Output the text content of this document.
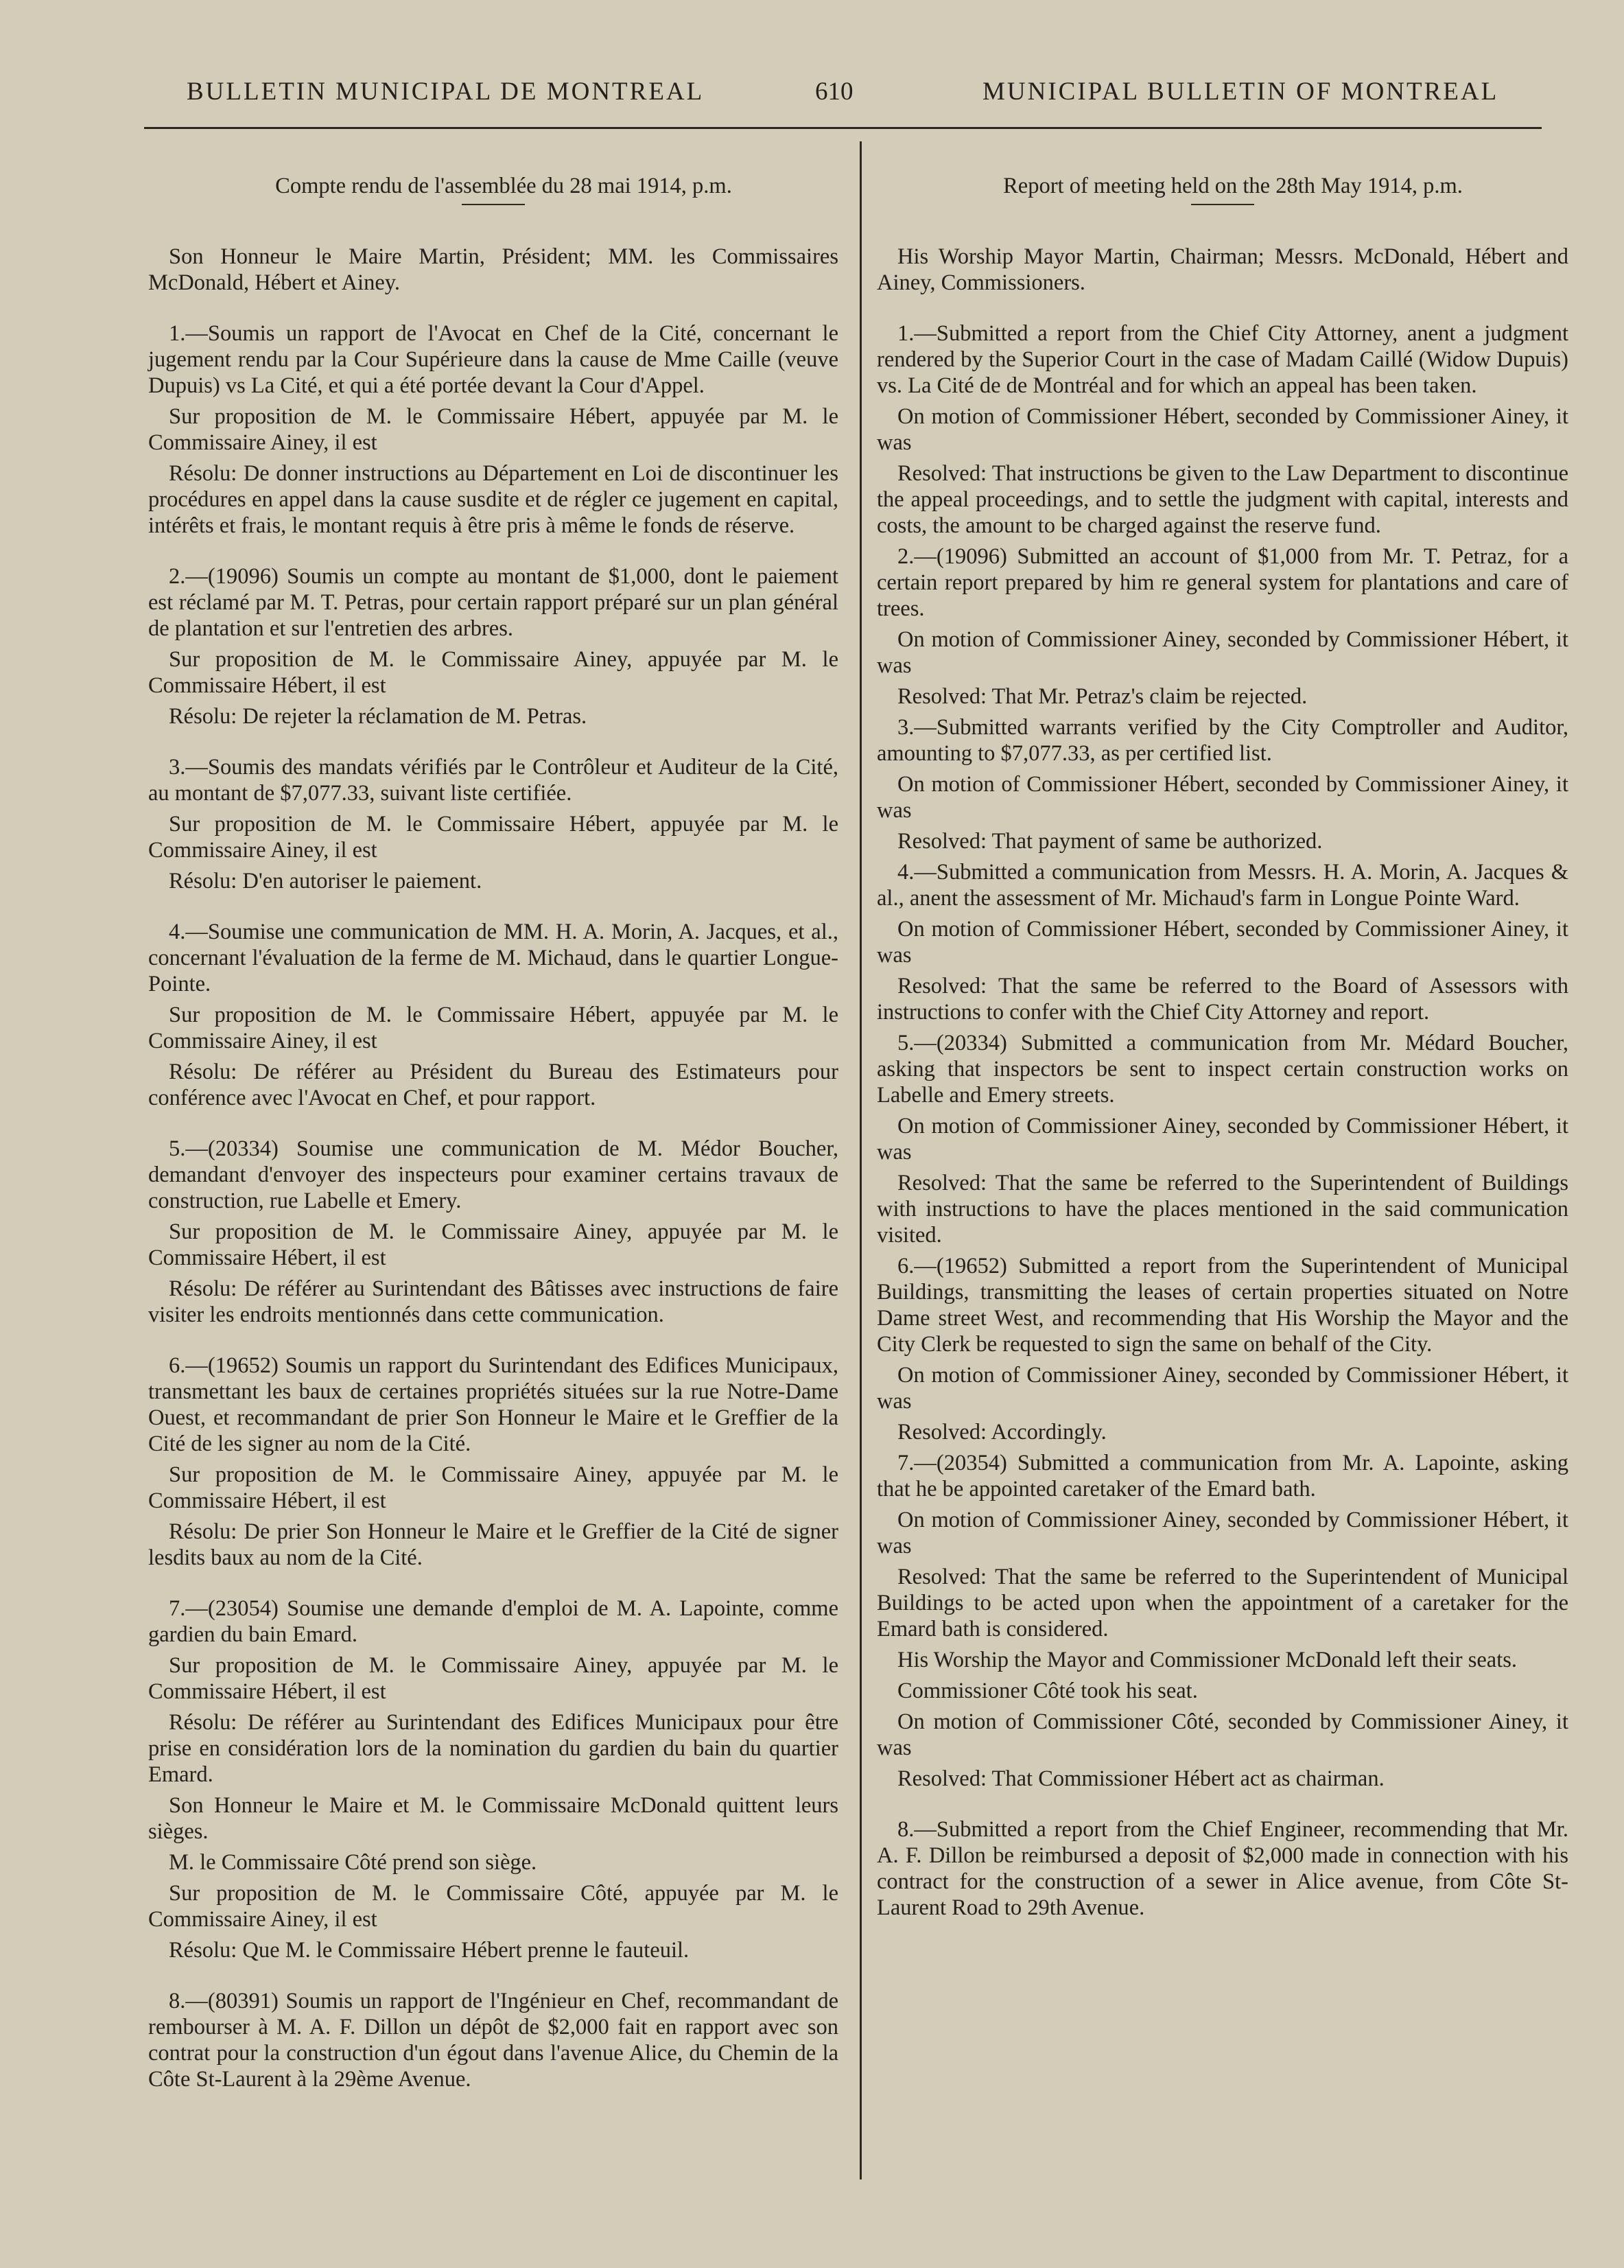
BULLETIN MUNICIPAL DE MONTREAL	610	MUNICIPAL BULLETIN OF MONTREAL

Compte rendu de l'assemblée du 28 mai 1914, p.m.

Son Honneur le Maire Martin, Président; MM. les Commissaires McDonald, Hébert et Ainey.

1.—Soumis un rapport de l'Avocat en Chef de la Cité, concernant le jugement rendu par la Cour Supérieure dans la cause de Mme Caille (veuve Dupuis) vs La Cité, et qui a été portée devant la Cour d'Appel.

Sur proposition de M. le Commissaire Hébert, appuyée par M. le Commissaire Ainey, il est

Résolu: De donner instructions au Département en Loi de discontinuer les procédures en appel dans la cause susdite et de régler ce jugement en capital, intérêts et frais, le montant requis à être pris à même le fonds de réserve.

2.—(19096) Soumis un compte au montant de $1,000, dont le paiement est réclamé par M. T. Petras, pour certain rapport préparé sur un plan général de plantation et sur l'entretien des arbres.

Sur proposition de M. le Commissaire Ainey, appuyée par M. le Commissaire Hébert, il est

Résolu: De rejeter la réclamation de M. Petras.

3.—Soumis des mandats vérifiés par le Contrôleur et Auditeur de la Cité, au montant de $7,077.33, suivant liste certifiée.

Sur proposition de M. le Commissaire Hébert, appuyée par M. le Commissaire Ainey, il est

Résolu: D'en autoriser le paiement.

4.—Soumise une communication de MM. H. A. Morin, A. Jacques, et al., concernant l'évaluation de la ferme de M. Michaud, dans le quartier Longue-Pointe.

Sur proposition de M. le Commissaire Hébert, appuyée par M. le Commissaire Ainey, il est

Résolu: De référer au Président du Bureau des Estimateurs pour conférence avec l'Avocat en Chef, et pour rapport.

5.—(20334) Soumise une communication de M. Médor Boucher, demandant d'envoyer des inspecteurs pour examiner certains travaux de construction, rue Labelle et Emery.

Sur proposition de M. le Commissaire Ainey, appuyée par M. le Commissaire Hébert, il est

Résolu: De référer au Surintendant des Bâtisses avec instructions de faire visiter les endroits mentionnés dans cette communication.

6.—(19652) Soumis un rapport du Surintendant des Edifices Municipaux, transmettant les baux de certaines propriétés situées sur la rue Notre-Dame Ouest, et recommandant de prier Son Honneur le Maire et le Greffier de la Cité de les signer au nom de la Cité.

Sur proposition de M. le Commissaire Ainey, appuyée par M. le Commissaire Hébert, il est

Résolu: De prier Son Honneur le Maire et le Greffier de la Cité de signer lesdits baux au nom de la Cité.

7.—(23054) Soumise une demande d'emploi de M. A. Lapointe, comme gardien du bain Emard.

Sur proposition de M. le Commissaire Ainey, appuyée par M. le Commissaire Hébert, il est

Résolu: De référer au Surintendant des Edifices Municipaux pour être prise en considération lors de la nomination du gardien du bain du quartier Emard.

Son Honneur le Maire et M. le Commissaire McDonald quittent leurs sièges.

M. le Commissaire Côté prend son siège.

Sur proposition de M. le Commissaire Côté, appuyée par M. le Commissaire Ainey, il est

Résolu: Que M. le Commissaire Hébert prenne le fauteuil.

8.—(80391) Soumis un rapport de l'Ingénieur en Chef, recommandant de rembourser à M. A. F. Dillon un dépôt de $2,000 fait en rapport avec son contrat pour la construction d'un égout dans l'avenue Alice, du Chemin de la Côte St-Laurent à la 29ème Avenue.

Report of meeting held on the 28th May 1914, p.m.

His Worship Mayor Martin, Chairman; Messrs. McDonald, Hébert and Ainey, Commissioners.

1.—Submitted a report from the Chief City Attorney, anent a judgment rendered by the Superior Court in the case of Madam Caillé (Widow Dupuis) vs. La Cité de de Montréal and for which an appeal has been taken.

On motion of Commissioner Hébert, seconded by Commissioner Ainey, it was

Resolved: That instructions be given to the Law Department to discontinue the appeal proceedings, and to settle the judgment with capital, interests and costs, the amount to be charged against the reserve fund.

2.—(19096) Submitted an account of $1,000 from Mr. T. Petraz, for a certain report prepared by him re general system for plantations and care of trees.

On motion of Commissioner Ainey, seconded by Commissioner Hébert, it was

Resolved: That Mr. Petraz's claim be rejected.

3.—Submitted warrants verified by the City Comptroller and Auditor, amounting to $7,077.33, as per certified list.

On motion of Commissioner Hébert, seconded by Commissioner Ainey, it was

Resolved: That payment of same be authorized.

4.—Submitted a communication from Messrs. H. A. Morin, A. Jacques & al., anent the assessment of Mr. Michaud's farm in Longue Pointe Ward.

On motion of Commissioner Hébert, seconded by Commissioner Ainey, it was

Resolved: That the same be referred to the Board of Assessors with instructions to confer with the Chief City Attorney and report.

5.—(20334) Submitted a communication from Mr. Médard Boucher, asking that inspectors be sent to inspect certain construction works on Labelle and Emery streets.

On motion of Commissioner Ainey, seconded by Commissioner Hébert, it was

Resolved: That the same be referred to the Superintendent of Buildings with instructions to have the places mentioned in the said communication visited.

6.—(19652) Submitted a report from the Superintendent of Municipal Buildings, transmitting the leases of certain properties situated on Notre Dame street West, and recommending that His Worship the Mayor and the City Clerk be requested to sign the same on behalf of the City.

On motion of Commissioner Ainey, seconded by Commissioner Hébert, it was

Resolved: Accordingly.

7.—(20354) Submitted a communication from Mr. A. Lapointe, asking that he be appointed caretaker of the Emard bath.

On motion of Commissioner Ainey, seconded by Commissioner Hébert, it was

Resolved: That the same be referred to the Superintendent of Municipal Buildings to be acted upon when the appointment of a caretaker for the Emard bath is considered.

His Worship the Mayor and Commissioner McDonald left their seats.

Commissioner Côté took his seat.

On motion of Commissioner Côté, seconded by Commissioner Ainey, it was

Resolved: That Commissioner Hébert act as chairman.

8.—Submitted a report from the Chief Engineer, recommending that Mr. A. F. Dillon be reimbursed a deposit of $2,000 made in connection with his contract for the construction of a sewer in Alice avenue, from Côte St-Laurent Road to 29th Avenue.
